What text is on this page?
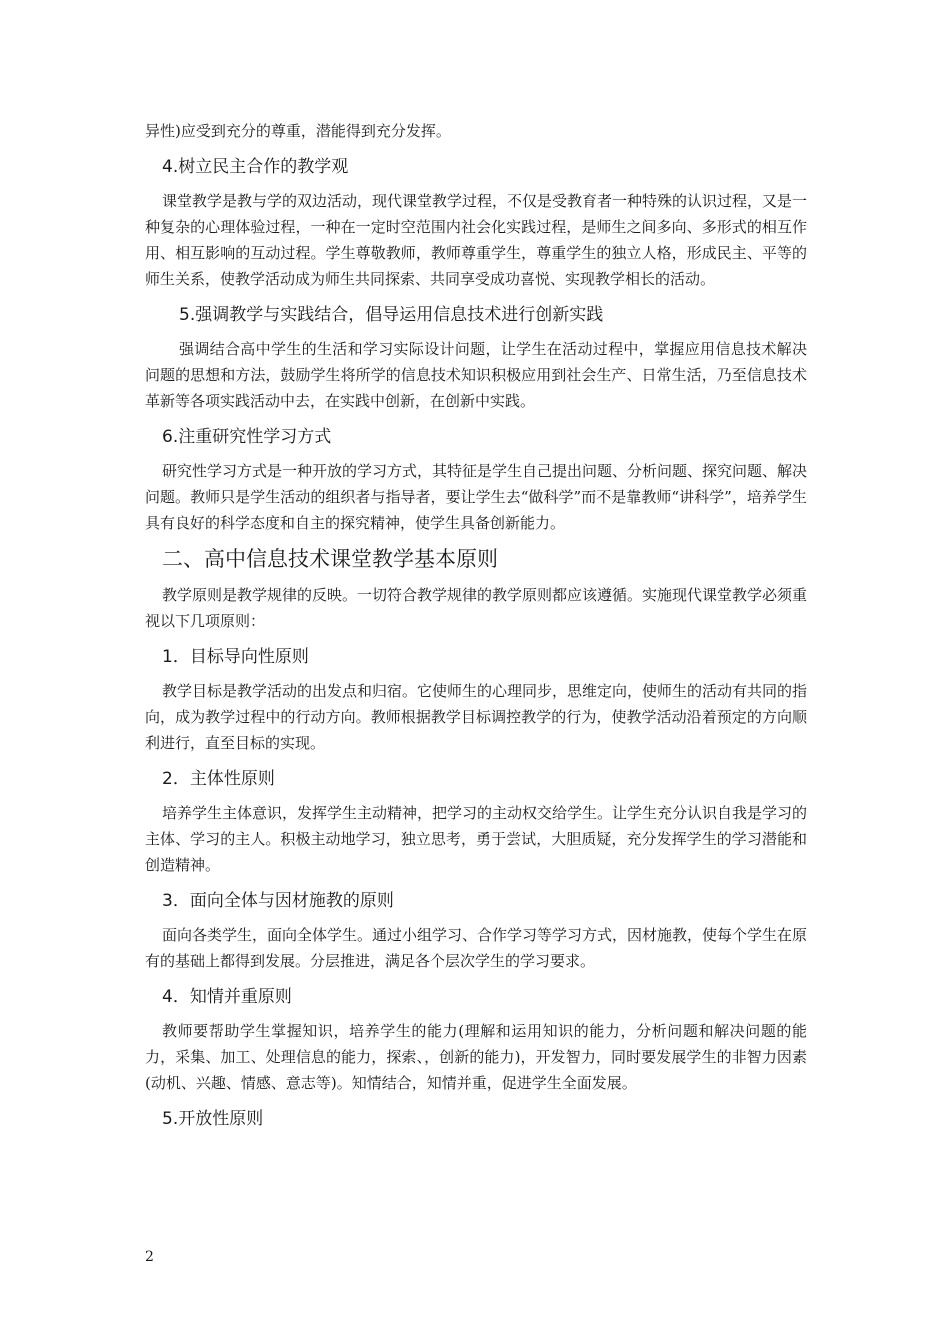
异性)应受到充分的尊重，潜能得到充分发挥。

4.树立民主合作的教学观

课堂教学是教与学的双边活动，现代课堂教学过程，不仅是受教育者一种特殊的认识过程，又是一种复杂的心理体验过程，一种在一定时空范围内社会化实践过程，是师生之间多向、多形式的相互作用、相互影响的互动过程。学生尊敬教师，教师尊重学生，尊重学生的独立人格，形成民主、平等的师生关系，使教学活动成为师生共同探索、共同享受成功喜悦、实现教学相长的活动。

5.强调教学与实践结合，倡导运用信息技术进行创新实践

强调结合高中学生的生活和学习实际设计问题，让学生在活动过程中，掌握应用信息技术解决问题的思想和方法，鼓励学生将所学的信息技术知识积极应用到社会生产、日常生活，乃至信息技术革新等各项实践活动中去，在实践中创新，在创新中实践。

6.注重研究性学习方式

研究性学习方式是一种开放的学习方式，其特征是学生自己提出问题、分析问题、探究问题、解决问题。教师只是学生活动的组织者与指导者，要让学生去“做科学”而不是靠教师“讲科学”，培养学生具有良好的科学态度和自主的探究精神，使学生具备创新能力。

二、高中信息技术课堂教学基本原则

教学原则是教学规律的反映。一切符合教学规律的教学原则都应该遵循。实施现代课堂教学必须重视以下几项原则：

1．目标导向性原则

教学目标是教学活动的出发点和归宿。它使师生的心理同步，思维定向，使师生的活动有共同的指向，成为教学过程中的行动方向。教师根据教学目标调控教学的行为，使教学活动沿着预定的方向顺利进行，直至目标的实现。

2．主体性原则

培养学生主体意识，发挥学生主动精神，把学习的主动权交给学生。让学生充分认识自我是学习的主体、学习的主人。积极主动地学习，独立思考，勇于尝试，大胆质疑，充分发挥学生的学习潜能和创造精神。

3．面向全体与因材施教的原则

面向各类学生，面向全体学生。通过小组学习、合作学习等学习方式，因材施教，使每个学生在原有的基础上都得到发展。分层推进，满足各个层次学生的学习要求。

4．知情并重原则

教师要帮助学生掌握知识，培养学生的能力(理解和运用知识的能力，分析问题和解决问题的能力，采集、加工、处理信息的能力，探索、，创新的能力)，开发智力，同时要发展学生的非智力因素(动机、兴趣、情感、意志等)。知情结合，知情并重，促进学生全面发展。

5.开放性原则
2
